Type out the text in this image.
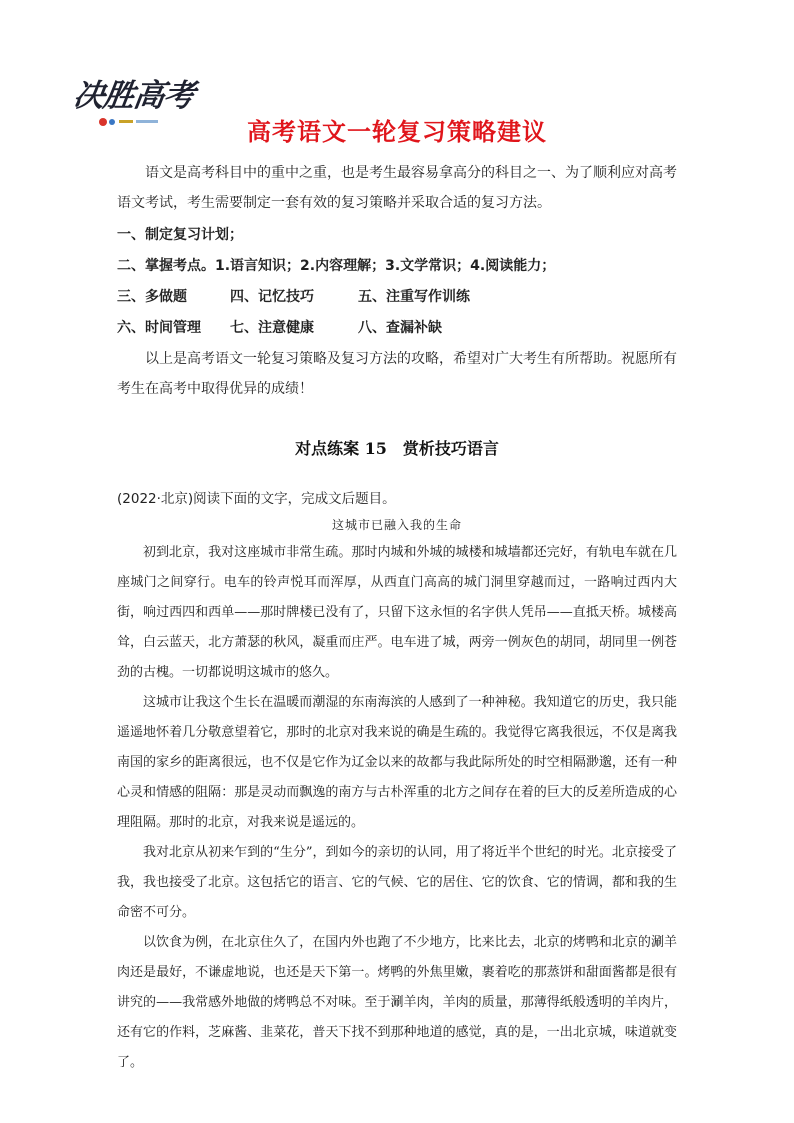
决胜高考
高考语文一轮复习策略建议

语文是高考科目中的重中之重，也是考生最容易拿高分的科目之一、为了顺利应对高考语文考试，考生需要制定一套有效的复习策略并采取合适的复习方法。

一、制定复习计划；

二、掌握考点。1.语言知识；2.内容理解；3.文学常识；4.阅读能力；

三、多做题	四、记忆技巧	五、注重写作训练

六、时间管理 七、注意健康	八、查漏补缺

以上是高考语文一轮复习策略及复习方法的攻略，希望对广大考生有所帮助。祝愿所有考生在高考中取得优异的成绩！

对点练案 15　赏析技巧语言
(2022·北京)阅读下面的文字，完成文后题目。
这城市已融入我的生命

初到北京，我对这座城市非常生疏。那时内城和外城的城楼和城墙都还完好，有轨电车就在几座城门之间穿行。电车的铃声悦耳而浑厚，从西直门高高的城门洞里穿越而过，一路响过西内大街，响过西四和西单——那时牌楼已没有了，只留下这永恒的名字供人凭吊——直抵天桥。城楼高耸，白云蓝天，北方萧瑟的秋风，凝重而庄严。电车进了城，两旁一例灰色的胡同，胡同里一例苍劲的古槐。一切都说明这城市的悠久。

这城市让我这个生长在温暖而潮湿的东南海滨的人感到了一种神秘。我知道它的历史，我只能遥遥地怀着几分敬意望着它，那时的北京对我来说的确是生疏的。我觉得它离我很远，不仅是离我南国的家乡的距离很远，也不仅是它作为辽金以来的故都与我此际所处的时空相隔渺邈，还有一种心灵和情感的阻隔：那是灵动而飘逸的南方与古朴浑重的北方之间存在着的巨大的反差所造成的心理阻隔。那时的北京，对我来说是遥远的。

我对北京从初来乍到的“生分”，到如今的亲切的认同，用了将近半个世纪的时光。北京接受了我，我也接受了北京。这包括它的语言、它的气候、它的居住、它的饮食、它的情调，都和我的生命密不可分。

以饮食为例，在北京住久了，在国内外也跑了不少地方，比来比去，北京的烤鸭和北京的涮羊肉还是最好，不谦虚地说，也还是天下第一。烤鸭的外焦里嫩，裹着吃的那蒸饼和甜面酱都是很有讲究的——我常感外地做的烤鸭总不对味。至于涮羊肉，羊肉的质量，那薄得纸般透明的羊肉片，还有它的作料，芝麻酱、韭菜花，普天下找不到那种地道的感觉，真的是，一出北京城，味道就变了。
